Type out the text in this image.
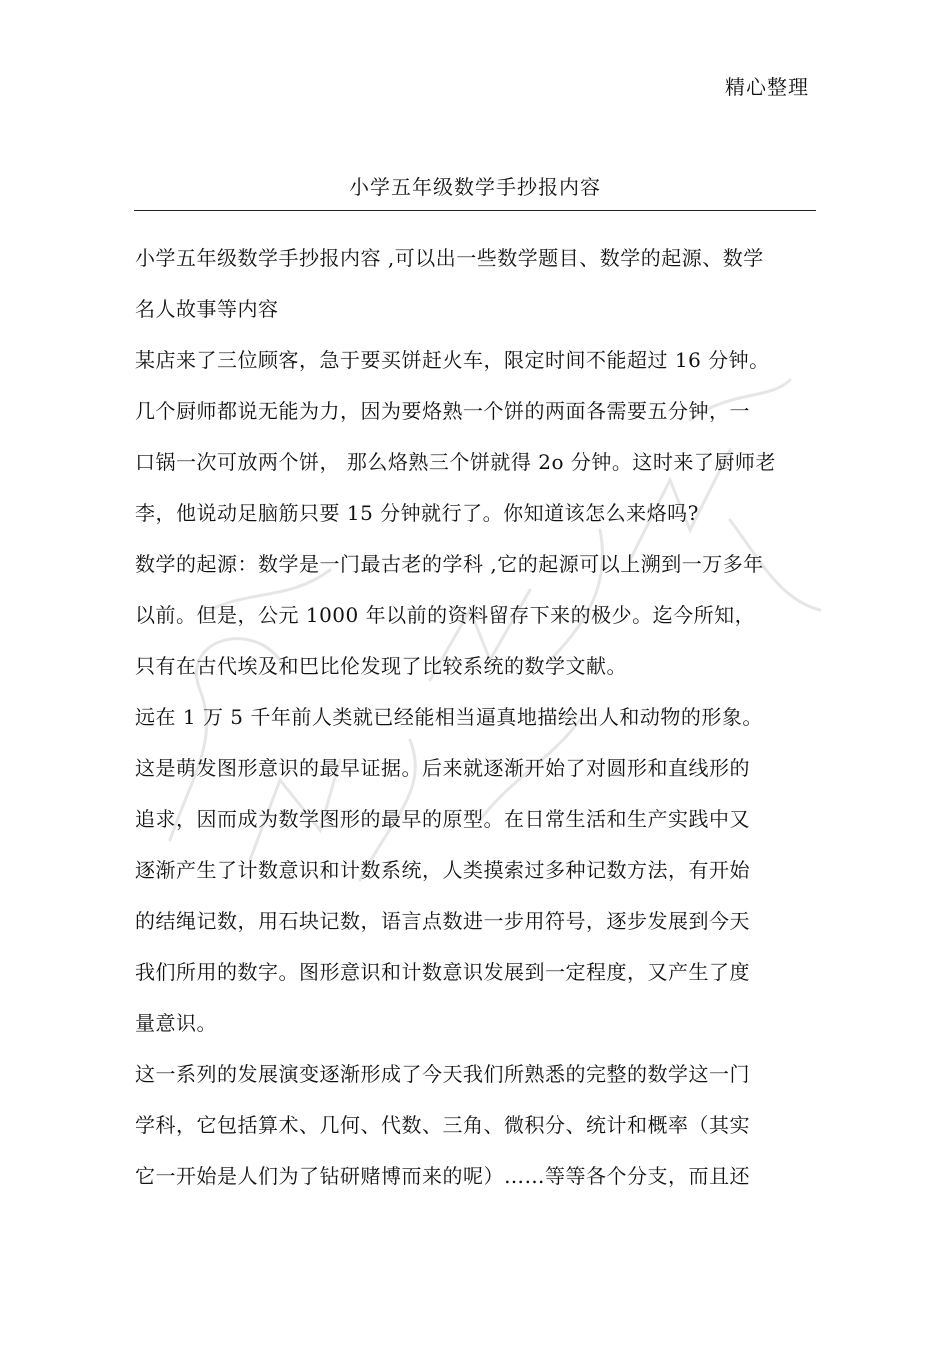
精心整理
小学五年级数学手抄报内容
小学五年级数学手抄报内容 ,可以出一些数学题目、数学的起源、数学
名人故事等内容
某店来了三位顾客，急于要买饼赶火车，限定时间不能超过 16 分钟。
几个厨师都说无能为力，因为要烙熟一个饼的两面各需要五分钟，一
口锅一次可放两个饼， 那么烙熟三个饼就得 2o 分钟。这时来了厨师老
李，他说动足脑筋只要 15 分钟就行了。你知道该怎么来烙吗?
数学的起源：数学是一门最古老的学科 ,它的起源可以上溯到一万多年
以前。但是，公元 1000 年以前的资料留存下来的极少。迄今所知，
只有在古代埃及和巴比伦发现了比较系统的数学文献。
远在 1 万 5 千年前人类就已经能相当逼真地描绘出人和动物的形象。
这是萌发图形意识的最早证据。后来就逐渐开始了对圆形和直线形的
追求，因而成为数学图形的最早的原型。在日常生活和生产实践中又
逐渐产生了计数意识和计数系统，人类摸索过多种记数方法，有开始
的结绳记数，用石块记数，语言点数进一步用符号，逐步发展到今天
我们所用的数字。图形意识和计数意识发展到一定程度，又产生了度
量意识。
这一系列的发展演变逐渐形成了今天我们所熟悉的完整的数学这一门
学科，它包括算术、几何、代数、三角、微积分、统计和概率（其实
它一开始是人们为了钻研赌博而来的呢）……等等各个分支，而且还
